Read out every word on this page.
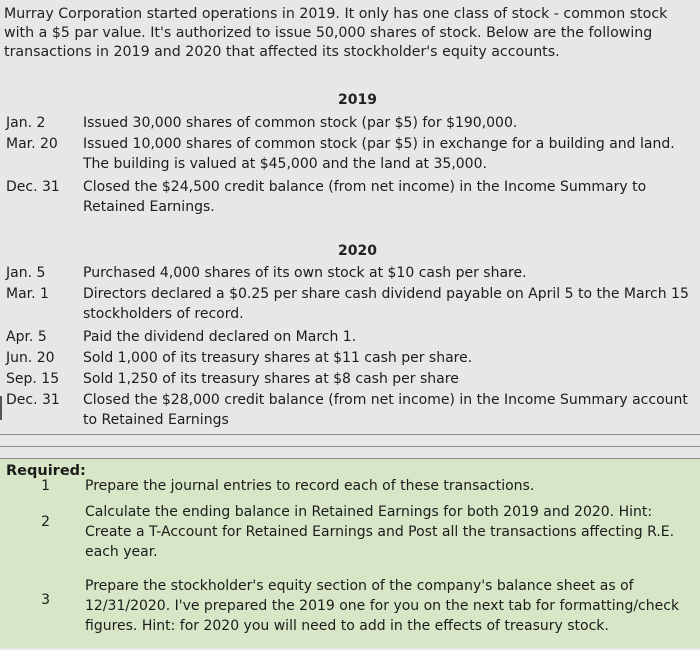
Murray Corporation started operations in 2019. It only has one class of stock - common stock with a $5 par value. It's authorized to issue 50,000 shares of stock. Below are the following transactions in 2019 and 2020 that affected its stockholder's equity accounts.
2019
Jan. 2	Issued 30,000 shares of common stock (par $5) for $190,000.
Mar. 20 Issued 10,000 shares of common stock (par $5) in exchange for a building and land. The building is valued at $45,000 and the land at 35,000.
Dec. 31 Closed the $24,500 credit balance (from net income) in the Income Summary to Retained Earnings.
2020
Jan. 5	Purchased 4,000 shares of its own stock at $10 cash per share.
Mar. 1 Directors declared a $0.25 per share cash dividend payable on April 5 to the March 15 stockholders of record.
Apr. 5	Paid the dividend declared on March 1.
Jun. 20 Sold 1,000 of its treasury shares at $11 cash per share.
Sep. 15 Sold 1,250 of its treasury shares at $8 cash per share
Dec. 31 Closed the $28,000 credit balance (from net income) in the Income Summary account to Retained Earnings
Required:
1	Prepare the journal entries to record each of these transactions.
2
Calculate the ending balance in Retained Earnings for both 2019 and 2020. Hint: Create a T-Account for Retained Earnings and Post all the transactions affecting R.E. each year.
3
Prepare the stockholder's equity section of the company's balance sheet as of 12/31/2020. I've prepared the 2019 one for you on the next tab for formatting/check figures. Hint: for 2020 you will need to add in the effects of treasury stock.
